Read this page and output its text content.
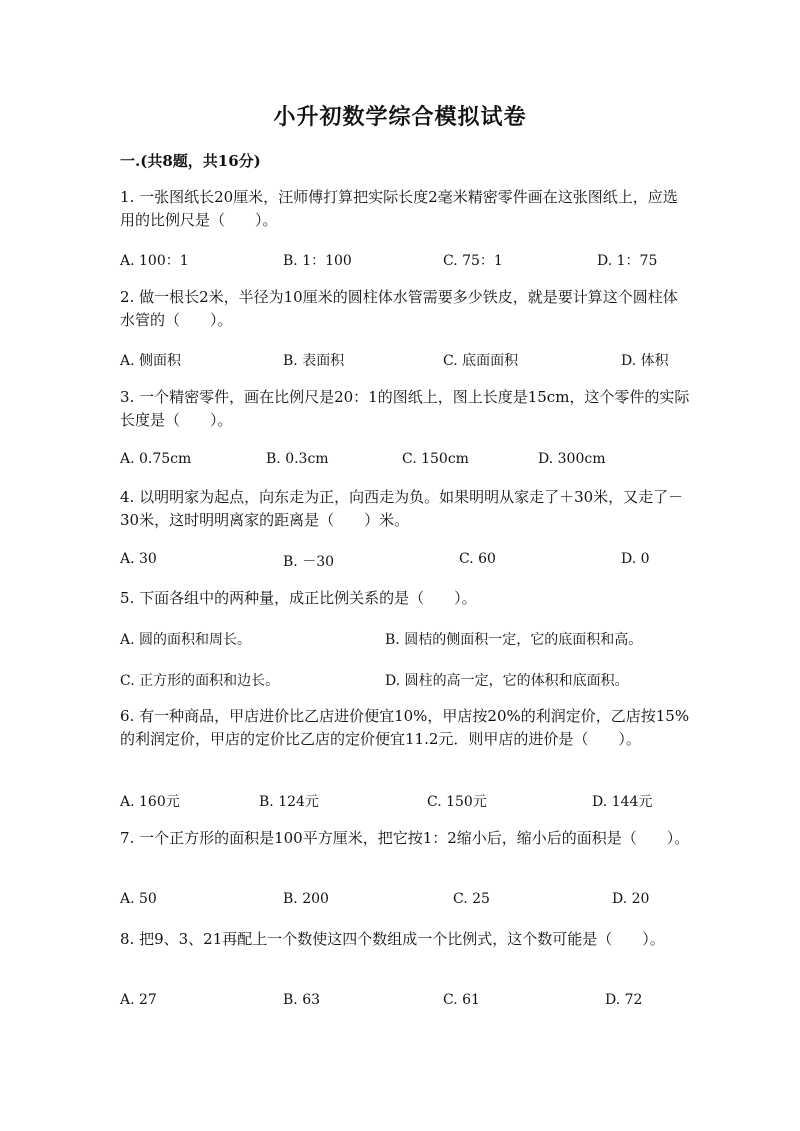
小升初数学综合模拟试卷
一.(共8题，共16分)
1. 一张图纸长20厘米，汪师傅打算把实际长度2毫米精密零件画在这张图纸上，应选用的比例尺是（　　）。
A. 100：1	B. 1：100	C. 75：1	D. 1：75
2. 做一根长2米，半径为10厘米的圆柱体水管需要多少铁皮，就是要计算这个圆柱体水管的（　　）。
A. 侧面积	B. 表面积	C. 底面面积	D. 体积
3. 一个精密零件，画在比例尺是20：1的图纸上，图上长度是15cm，这个零件的实际长度是（　　）。
A. 0.75cm	B. 0.3cm	C. 150cm	D. 300cm
4. 以明明家为起点，向东走为正，向西走为负。如果明明从家走了＋30米，又走了－30米，这时明明离家的距离是（　　）米。
A. 30	B. －30	C. 60	D. 0
5. 下面各组中的两种量，成正比例关系的是（　　）。
A. 圆的面积和周长。	B. 圆桔的侧面积一定，它的底面积和高。
C. 正方形的面积和边长。	D. 圆柱的高一定，它的体积和底面积。
6. 有一种商品，甲店进价比乙店进价便宜10%，甲店按20%的利润定价，乙店按15%的利润定价，甲店的定价比乙店的定价便宜11.2元．则甲店的进价是（　　）。
A. 160元	B. 124元	C. 150元	D. 144元
7. 一个正方形的面积是100平方厘米，把它按1：2缩小后，缩小后的面积是（　　）。
A. 50	B. 200	C. 25	D. 20
8. 把9、3、21再配上一个数使这四个数组成一个比例式，这个数可能是（　　）。
A. 27	B. 63	C. 61	D. 72
